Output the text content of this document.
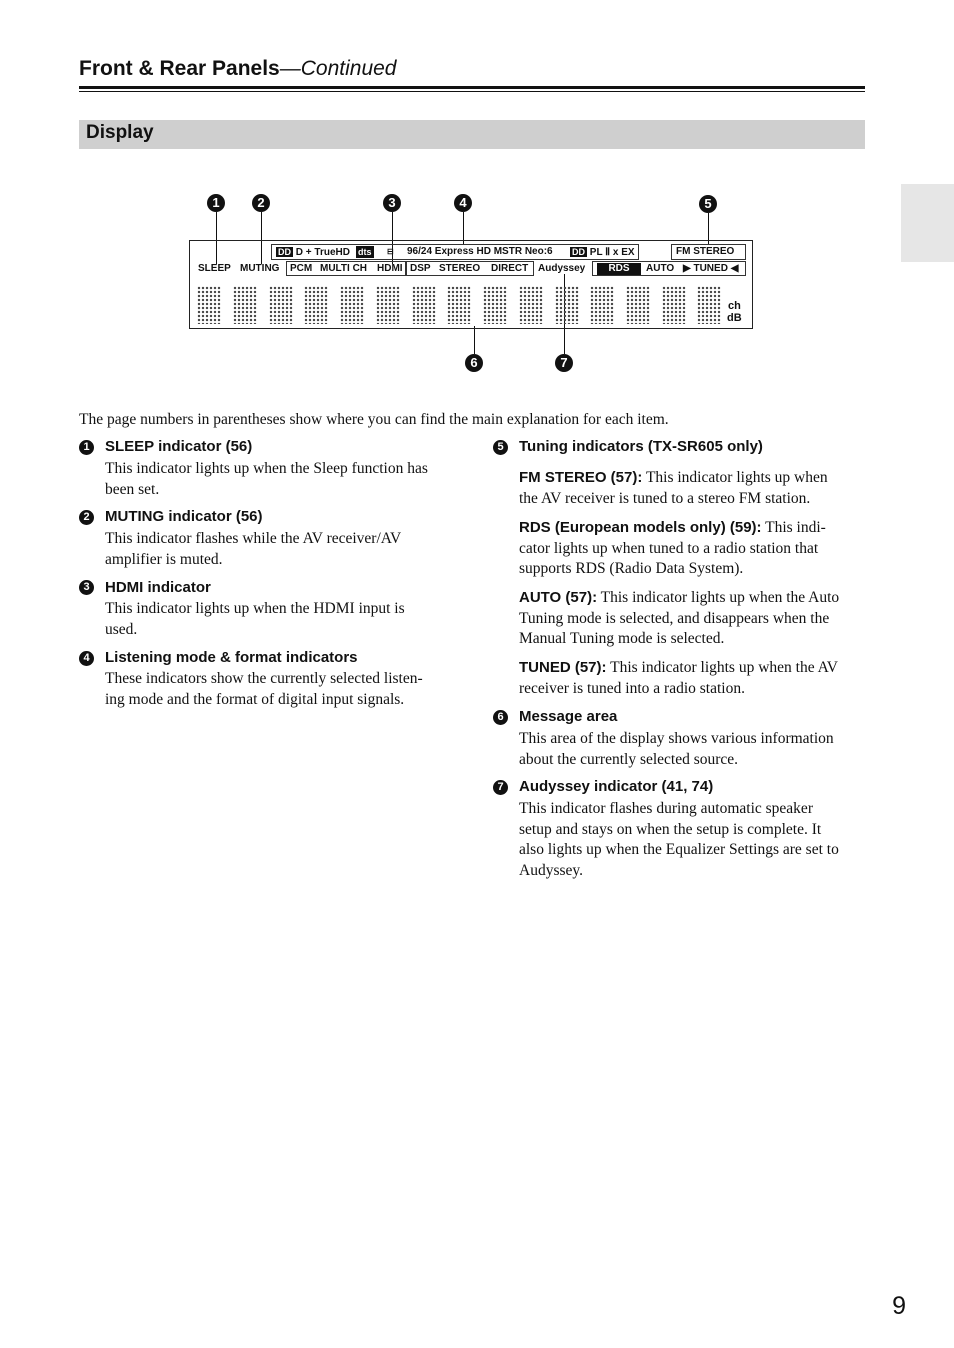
Front & Rear Panels—Continued
Display
1	2	3	4	5
6	7
DD D + TrueHD dts ⊟ 96/24 Express HD MSTR Neo:6 DD PL Ⅱ x EX	FM STEREO
SLEEP MUTING PCM MULTI CH HDMI DSP STEREO DIRECT Audyssey	RDS	AUTO ▶ TUNED ◀
ch
dB
The page numbers in parentheses show where you can find the main explanation for each item.
1 SLEEP indicator (56)
This indicator lights up when the Sleep function has
been set.
2 MUTING indicator (56)
This indicator flashes while the AV receiver/AV
amplifier is muted.
3 HDMI indicator
This indicator lights up when the HDMI input is
used.
4 Listening mode & format indicators
These indicators show the currently selected listen-
ing mode and the format of digital input signals.
5 Tuning indicators (TX-SR605 only)
FM STEREO (57): This indicator lights up when
the AV receiver is tuned to a stereo FM station.
RDS (European models only) (59): This indi-
cator lights up when tuned to a radio station that
supports RDS (Radio Data System).
AUTO (57): This indicator lights up when the Auto
Tuning mode is selected, and disappears when the
Manual Tuning mode is selected.
TUNED (57): This indicator lights up when the AV
receiver is tuned into a radio station.
6 Message area
This area of the display shows various information
about the currently selected source.
7 Audyssey indicator (41, 74)
This indicator flashes during automatic speaker
setup and stays on when the setup is complete. It
also lights up when the Equalizer Settings are set to
Audyssey.
9
